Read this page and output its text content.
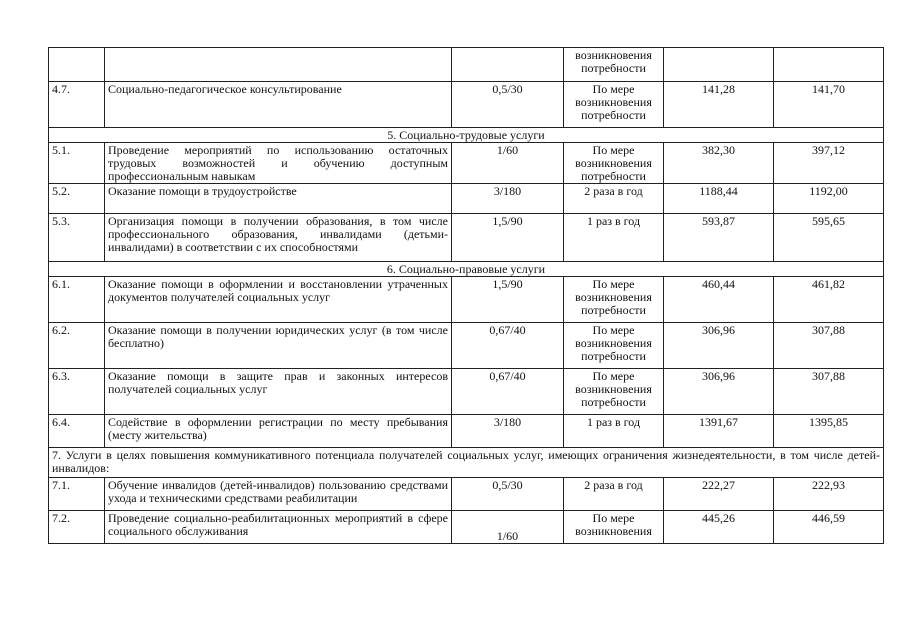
			возникновения потребности		
4.7.	Социально-педагогическое консультирование	0,5/30	По мере возникновения потребности	141,28	141,70
5. Социально-трудовые услуги					
5.1.	Проведение мероприятий по использованию остаточных трудовых возможностей и обучению доступным профессиональным навыкам	1/60	По мере возникновения потребности	382,30	397,12
5.2.	Оказание помощи в трудоустройстве	3/180	2 раза в год	1188,44	1192,00
5.3.	Организация помощи в получении образования, в том числе профессионального образования, инвалидами (детьми-инвалидами) в соответствии с их способностями	1,5/90	1 раз в год	593,87	595,65
6. Социально-правовые услуги					
6.1.	Оказание помощи в оформлении и восстановлении утраченных документов получателей социальных услуг	1,5/90	По мере возникновения потребности	460,44	461,82
6.2.	Оказание помощи в получении юридических услуг (в том числе бесплатно)	0,67/40	По мере возникновения потребности	306,96	307,88
6.3.	Оказание помощи в защите прав и законных интересов получателей социальных услуг	0,67/40	По мере возникновения потребности	306,96	307,88
6.4.	Содействие в оформлении регистрации по месту пребывания (месту жительства)	3/180	1 раз в год	1391,67	1395,85
7. Услуги в целях повышения коммуникативного потенциала получателей социальных услуг, имеющих ограничения жизнедеятельности, в том числе детей-инвалидов:					
7.1.	Обучение инвалидов (детей-инвалидов) пользованию средствами ухода и техническими средствами реабилитации	0,5/30	2 раза в год	222,27	222,93
7.2.	Проведение социально-реабилитационных мероприятий в сфере социального обслуживания	1/60	По мере возникновения	445,26	446,59
